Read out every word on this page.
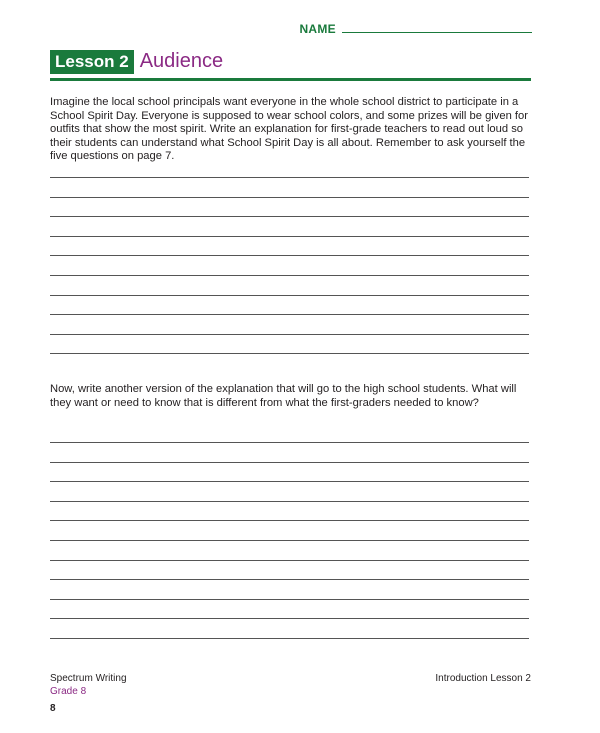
NAME
Lesson 2 Audience

Imagine the local school principals want everyone in the whole school district to participate in a School Spirit Day. Everyone is supposed to wear school colors, and some prizes will be given for outfits that show the most spirit. Write an explanation for first-grade teachers to read out loud so their students can understand what School Spirit Day is all about. Remember to ask yourself the five questions on page 7.

Now, write another version of the explanation that will go to the high school students. What will they want or need to know that is different from what the first-graders needed to know?

Spectrum Writing
Grade 8
8
Introduction Lesson 2
